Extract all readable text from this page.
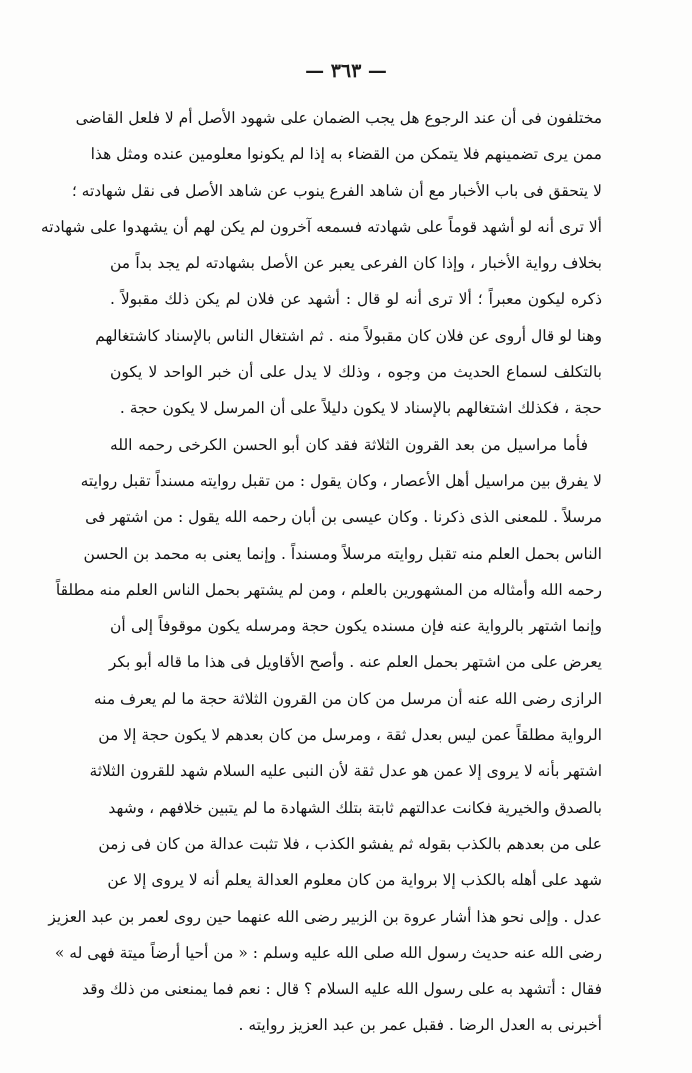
— ٣٦٣ —
مختلفون فى أن عند الرجوع هل يجب الضمان على شهود الأصل أم لا فلعل القاضى
ممن يرى تضمينهم فلا يتمكن من القضاء به إذا لم يكونوا معلومين عنده ومثل هذا
لا يتحقق فى باب الأخبار مع أن شاهد الفرع ينوب عن شاهد الأصل فى نقل شهادته ؛
ألا ترى أنه لو أشهد قوماً على شهادته فسمعه آخرون لم يكن لهم أن يشهدوا على شهادته
بخلاف رواية الأخبار ، وإذا كان الفرعى يعبر عن الأصل بشهادته لم يجد بداً من
ذكره ليكون معبراً ؛ ألا ترى أنه لو قال : أشهد عن فلان لم يكن ذلك مقبولاً .
وهنا لو قال أروى عن فلان كان مقبولاً منه . ثم اشتغال الناس بالإسناد كاشتغالهم
بالتكلف لسماع الحديث من وجوه ، وذلك لا يدل على أن خبر الواحد لا يكون
حجة ، فكذلك اشتغالهم بالإسناد لا يكون دليلاً على أن المرسل لا يكون حجة .
فأما مراسيل من بعد القرون الثلاثة فقد كان أبو الحسن الكرخى رحمه الله
لا يفرق بين مراسيل أهل الأعصار ، وكان يقول : من تقبل روايته مسنداً تقبل روايته
مرسلاً . للمعنى الذى ذكرنا . وكان عيسى بن أبان رحمه الله يقول : من اشتهر فى
الناس بحمل العلم منه تقبل روايته مرسلاً ومسنداً . وإنما يعنى به محمد بن الحسن
رحمه الله وأمثاله من المشهورين بالعلم ، ومن لم يشتهر بحمل الناس العلم منه مطلقاً
وإنما اشتهر بالرواية عنه فإن مسنده يكون حجة ومرسله يكون موقوفاً إلى أن
يعرض على من اشتهر بحمل العلم عنه . وأصح الأقاويل فى هذا ما قاله أبو بكر
الرازى رضى الله عنه أن مرسل من كان من القرون الثلاثة حجة ما لم يعرف منه
الرواية مطلقاً عمن ليس بعدل ثقة ، ومرسل من كان بعدهم لا يكون حجة إلا من
اشتهر بأنه لا يروى إلا عمن هو عدل ثقة لأن النبى عليه السلام شهد للقرون الثلاثة
بالصدق والخيرية فكانت عدالتهم ثابتة بتلك الشهادة ما لم يتبين خلافهم ، وشهد
على من بعدهم بالكذب بقوله ثم يفشو الكذب ، فلا تثبت عدالة من كان فى زمن
شهد على أهله بالكذب إلا برواية من كان معلوم العدالة يعلم أنه لا يروى إلا عن
عدل . وإلى نحو هذا أشار عروة بن الزبير رضى الله عنهما حين روى لعمر بن عبد العزيز
رضى الله عنه حديث رسول الله صلى الله عليه وسلم : « من أحيا أرضاً ميتة فهى له »
فقال : أتشهد به على رسول الله عليه السلام ؟ قال : نعم فما يمنعنى من ذلك وقد
أخبرنى به العدل الرضا . فقبل عمر بن عبد العزيز روايته .
